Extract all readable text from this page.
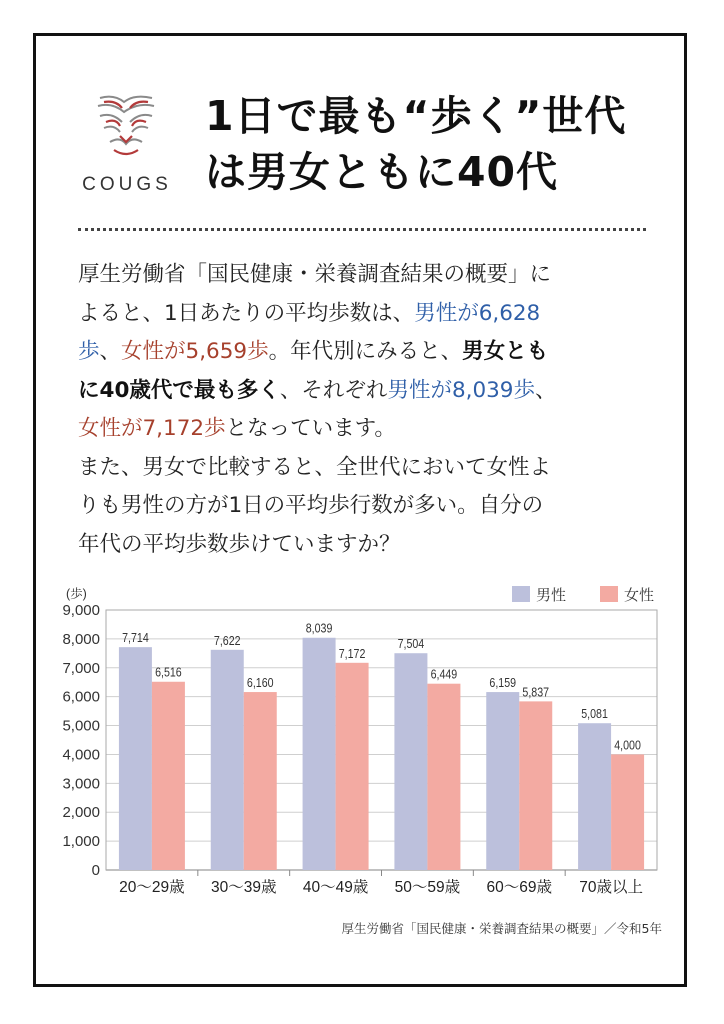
COUGS
1日で最も“歩く”世代
は男女ともに40代
厚生労働省「国民健康・栄養調査結果の概要」に
よると、1日あたりの平均歩数は、男性が6,628
歩、女性が5,659歩。年代別にみると、男女とも
に40歳代で最も多く、それぞれ男性が8,039歩、
女性が7,172歩となっています。
また、男女で比較すると、全世代において女性よ
りも男性の方が1日の平均歩行数が多い。自分の
年代の平均歩数歩けていますか？
0
1,000
2,000
3,000
4,000
5,000
6,000
7,000
8,000
9,000
(歩)	男性	女性
7,714
6,516
20～29歳
7,622
6,160
30～39歳
8,039
7,172
40～49歳
7,504
6,449
50～59歳
6,159
5,837
60～69歳
5,081
4,000
70歳以上
厚生労働省「国民健康・栄養調査結果の概要」／令和5年
